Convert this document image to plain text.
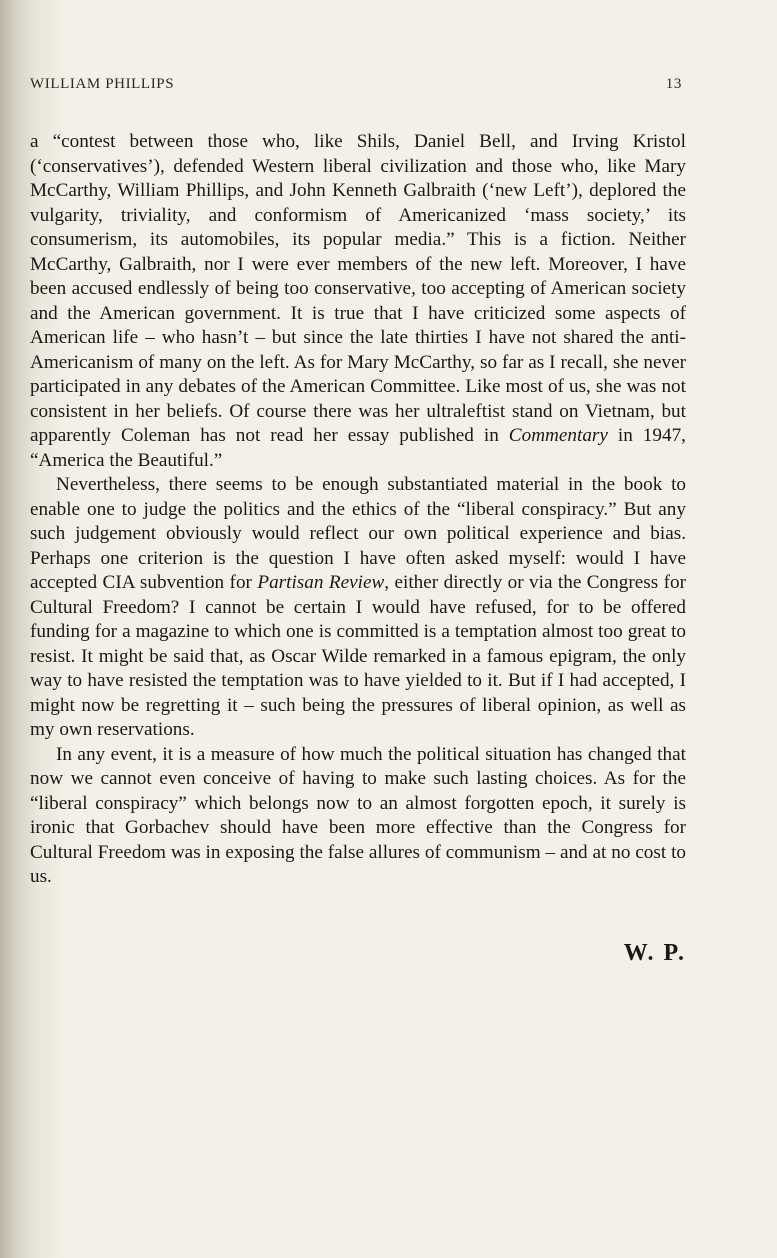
WILLIAM PHILLIPS	13

a “contest between those who, like Shils, Daniel Bell, and Irving Kristol (‘conservatives’), defended Western liberal civilization and those who, like Mary McCarthy, William Phillips, and John Kenneth Galbraith (‘new Left’), deplored the vulgarity, triviality, and conformism of Americanized ‘mass society,’ its consumerism, its automobiles, its popular media.” This is a fiction. Neither McCarthy, Galbraith, nor I were ever members of the new left. Moreover, I have been accused endlessly of being too conservative, too accepting of American society and the American government. It is true that I have criticized some aspects of American life – who hasn’t – but since the late thirties I have not shared the anti-Americanism of many on the left. As for Mary McCarthy, so far as I recall, she never participated in any debates of the American Committee. Like most of us, she was not consistent in her beliefs. Of course there was her ultraleftist stand on Vietnam, but apparently Coleman has not read her essay published in Commentary in 1947, “America the Beautiful.”

Nevertheless, there seems to be enough substantiated material in the book to enable one to judge the politics and the ethics of the “liberal conspiracy.” But any such judgement obviously would reflect our own political experience and bias. Perhaps one criterion is the question I have often asked myself: would I have accepted CIA subvention for Partisan Review, either directly or via the Congress for Cultural Freedom? I cannot be certain I would have refused, for to be offered funding for a magazine to which one is committed is a temptation almost too great to resist. It might be said that, as Oscar Wilde remarked in a famous epigram, the only way to have resisted the temptation was to have yielded to it. But if I had accepted, I might now be regretting it – such being the pressures of liberal opinion, as well as my own reservations.

In any event, it is a measure of how much the political situation has changed that now we cannot even conceive of having to make such lasting choices. As for the “liberal conspiracy” which belongs now to an almost forgotten epoch, it surely is ironic that Gorbachev should have been more effective than the Congress for Cultural Freedom was in exposing the false allures of communism – and at no cost to us.

W. P.
